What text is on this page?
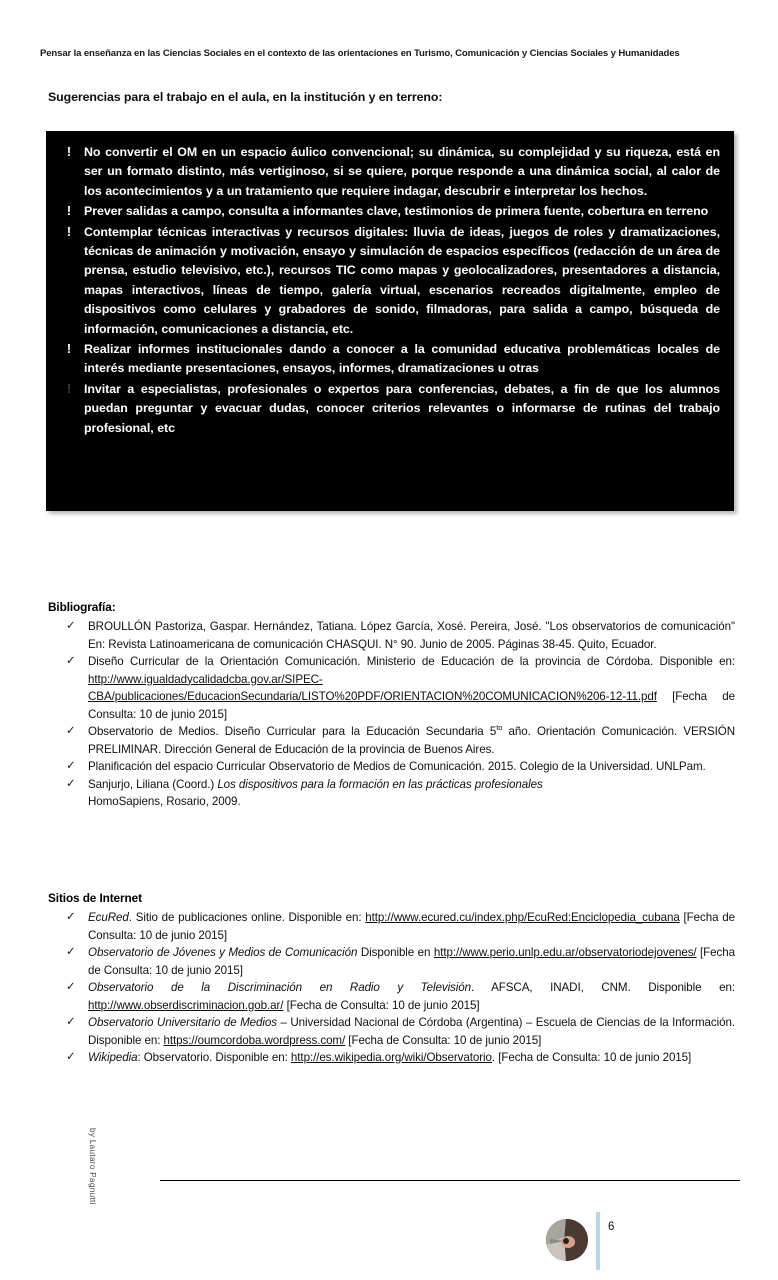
Pensar la enseñanza en las Ciencias Sociales en el contexto de las orientaciones en Turismo, Comunicación y Ciencias Sociales y Humanidades
Sugerencias para el trabajo en el aula, en la institución y en terreno:
!	No convertir el OM en un espacio áulico convencional; su dinámica, su complejidad y su riqueza, está en ser un formato distinto, más vertiginoso, si se quiere, porque responde a una dinámica social, al calor de los acontecimientos y a un tratamiento que requiere indagar, descubrir e interpretar los hechos.
!	Prever salidas a campo, consulta a informantes clave, testimonios de primera fuente, cobertura en terreno
!	Contemplar técnicas interactivas y recursos digitales: lluvia de ideas, juegos de roles y dramatizaciones, técnicas de animación y motivación, ensayo y simulación de espacios específicos (redacción de un área de prensa, estudio televisivo, etc.), recursos TIC como mapas y geolocalizadores, presentadores a distancia, mapas interactivos, líneas de tiempo, galería virtual, escenarios recreados digitalmente, empleo de dispositivos como celulares y grabadores de sonido, filmadoras, para salida a campo, búsqueda de información, comunicaciones a distancia, etc.
!	Realizar informes institucionales dando a conocer a la comunidad educativa problemáticas locales de interés mediante presentaciones, ensayos, informes, dramatizaciones u otras
!	Invitar a especialistas, profesionales o expertos para conferencias, debates, a fin de que los alumnos puedan preguntar y evacuar dudas, conocer criterios relevantes o informarse de rutinas del trabajo profesional, etc
Bibliografía:
✓	BROULLÓN Pastoriza, Gaspar. Hernández, Tatiana. López García, Xosé. Pereira, José. "Los observatorios de comunicación" En: Revista Latinoamericana de comunicación CHASQUI. N° 90. Junio de 2005. Páginas 38-45. Quito, Ecuador.
✓	Diseño Curricular de la Orientación Comunicación. Ministerio de Educación de la provincia de Córdoba. Disponible en: http://www.igualdadycalidadcba.gov.ar/SIPEC-CBA/publicaciones/EducacionSecundaria/LISTO%20PDF/ORIENTACION%20COMUNICACION%206-12-11.pdf [Fecha de Consulta: 10 de junio 2015]
✓	Observatorio de Medios. Diseño Curricular para la Educación Secundaria $5^{to}$ año. Orientación Comunicación. VERSIÓN PRELIMINAR. Dirección General de Educación de la provincia de Buenos Aires.
✓	Planificación del espacio Curricular Observatorio de Medios de Comunicación. 2015. Colegio de la Universidad. UNLPam.
✓	Sanjurjo, Liliana (Coord.) Los dispositivos para la formación en las prácticas profesionales
HomoSapiens, Rosario, 2009.
Sitios de Internet
✓	EcuRed. Sitio de publicaciones online. Disponible en: http://www.ecured.cu/index.php/EcuRed:Enciclopedia_cubana [Fecha de Consulta: 10 de junio 2015]
✓	Observatorio de Jóvenes y Medios de Comunicación Disponible en http://www.perio.unlp.edu.ar/observatoriodejovenes/ [Fecha de Consulta: 10 de junio 2015]
✓	Observatorio de la Discriminación en Radio y Televisión. AFSCA, INADI, CNM. Disponible en: http://www.obserdiscriminacion.gob.ar/ [Fecha de Consulta: 10 de junio 2015]
✓	Observatorio Universitario de Medios – Universidad Nacional de Córdoba (Argentina) – Escuela de Ciencias de la Información. Disponible en: https://oumcordoba.wordpress.com/ [Fecha de Consulta: 10 de junio 2015]
✓	Wikipedia: Observatorio. Disponible en: http://es.wikipedia.org/wiki/Observatorio. [Fecha de Consulta: 10 de junio 2015]
by Lautaro Pagnutti
6
